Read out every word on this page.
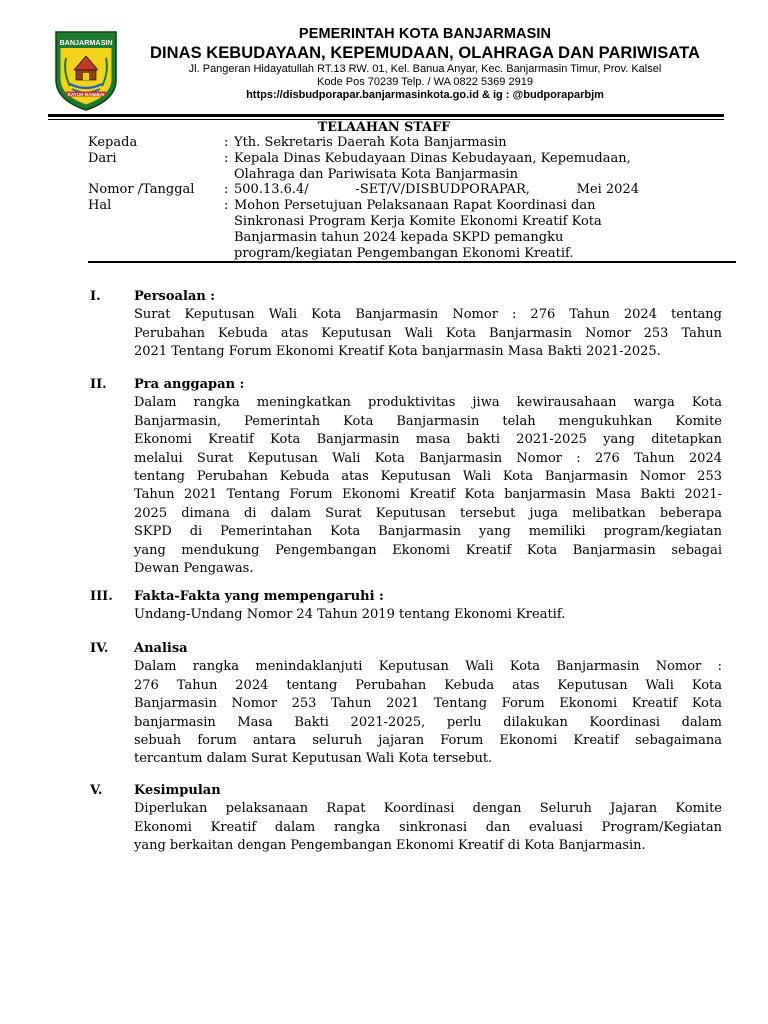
BANJARMASIN
KAYUH BAIMBAI
PEMERINTAH KOTA BANJARMASIN
DINAS KEBUDAYAAN, KEPEMUDAAN, OLAHRAGA DAN PARIWISATA
Jl. Pangeran Hidayatullah RT.13 RW. 01, Kel. Banua Anyar, Kec. Banjarmasin Timur, Prov. Kalsel
Kode Pos 70239 Telp. / WA 0822 5369 2919
https://disbudporapar.banjarmasinkota.go.id & ig : @budporaparbjm
TELAAHAN STAFF
Kepada	: Yth. Sekretaris Daerah Kota Banjarmasin
Dari	: Kepala Dinas Kebudayaan Dinas Kebudayaan, Kepemudaan,
Olahraga dan Pariwisata Kota Banjarmasin
Nomor /Tanggal	: 500.13.6.4/	-SET/V/DISBUDPORAPAR,	Mei 2024
Hal	: Mohon Persetujuan Pelaksanaan Rapat Koordinasi dan
Sinkronasi Program Kerja Komite Ekonomi Kreatif Kota
Banjarmasin tahun 2024 kepada SKPD pemangku
program/kegiatan Pengembangan Ekonomi Kreatif.
I.	Persoalan :
Surat Keputusan Wali Kota Banjarmasin Nomor : 276 Tahun 2024 tentang
Perubahan Kebuda atas Keputusan Wali Kota Banjarmasin Nomor 253 Tahun
2021 Tentang Forum Ekonomi Kreatif Kota banjarmasin Masa Bakti 2021-2025.
II. Pra anggapan :
Dalam rangka meningkatkan produktivitas jiwa kewirausahaan warga Kota
Banjarmasin, Pemerintah Kota Banjarmasin telah mengukuhkan Komite
Ekonomi Kreatif Kota Banjarmasin masa bakti 2021-2025 yang ditetapkan
melalui Surat Keputusan Wali Kota Banjarmasin Nomor : 276 Tahun 2024
tentang Perubahan Kebuda atas Keputusan Wali Kota Banjarmasin Nomor 253
Tahun 2021 Tentang Forum Ekonomi Kreatif Kota banjarmasin Masa Bakti 2021-
2025 dimana di dalam Surat Keputusan tersebut juga melibatkan beberapa
SKPD di Pemerintahan Kota Banjarmasin yang memiliki program/kegiatan
yang mendukung Pengembangan Ekonomi Kreatif Kota Banjarmasin sebagai
Dewan Pengawas.
III. Fakta-Fakta yang mempengaruhi :
Undang-Undang Nomor 24 Tahun 2019 tentang Ekonomi Kreatif.
IV. Analisa
Dalam rangka menindaklanjuti Keputusan Wali Kota Banjarmasin Nomor :
276 Tahun 2024 tentang Perubahan Kebuda atas Keputusan Wali Kota
Banjarmasin Nomor 253 Tahun 2021 Tentang Forum Ekonomi Kreatif Kota
banjarmasin Masa Bakti 2021-2025, perlu dilakukan Koordinasi dalam
sebuah forum antara seluruh jajaran Forum Ekonomi Kreatif sebagaimana
tercantum dalam Surat Keputusan Wali Kota tersebut.
V. Kesimpulan
Diperlukan pelaksanaan Rapat Koordinasi dengan Seluruh Jajaran Komite
Ekonomi Kreatif dalam rangka sinkronasi dan evaluasi Program/Kegiatan
yang berkaitan dengan Pengembangan Ekonomi Kreatif di Kota Banjarmasin.
